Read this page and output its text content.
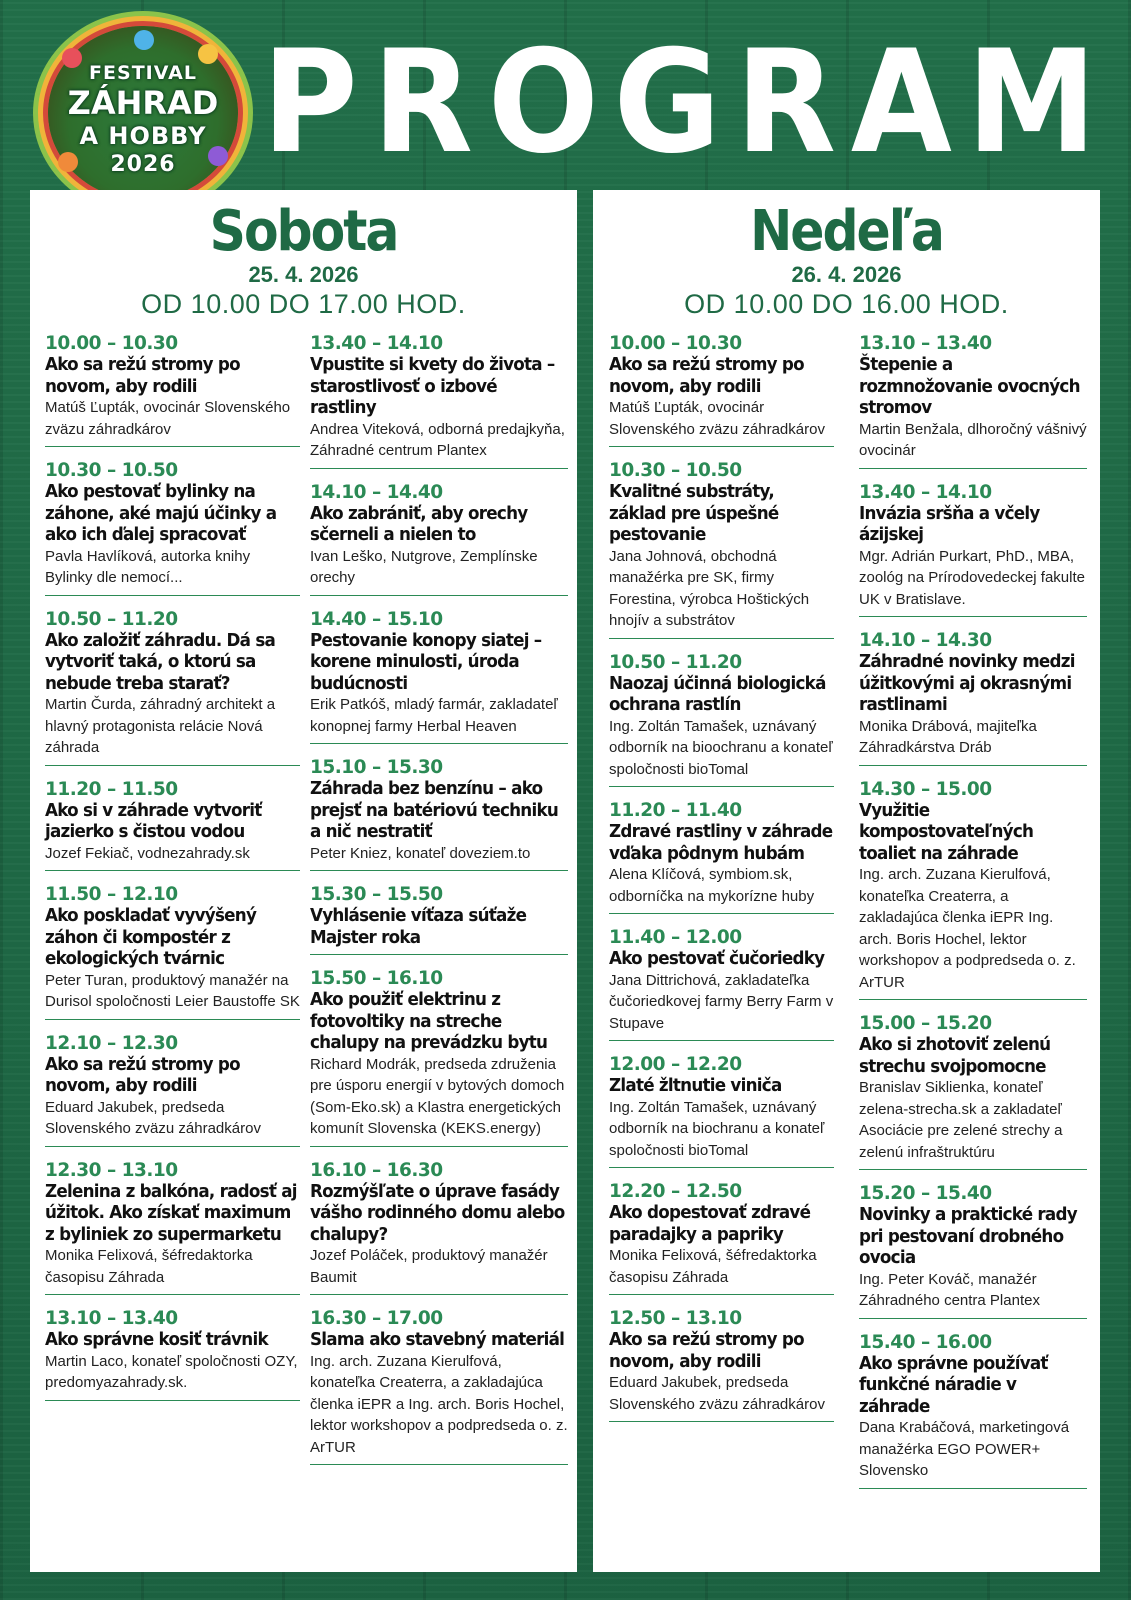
FESTIVAL
ZÁHRAD
A HOBBY
2026 PROGRAM
Sobota
25. 4. 2026
OD 10.00 DO 17.00 HOD.
10.00 – 10.30
Ako sa režú stromy po novom, aby rodili
Matúš Ľupták, ovocinár Slovenského zväzu záhradkárov
10.30 – 10.50
Ako pestovať bylinky na záhone, aké majú účinky a ako ich ďalej spracovať
Pavla Havlíková, autorka knihy Bylinky dle nemocí...
10.50 – 11.20
Ako založiť záhradu. Dá sa vytvoriť taká, o ktorú sa nebude treba starať?
Martin Čurda, záhradný architekt a hlavný protagonista relácie Nová záhrada
11.20 – 11.50
Ako si v záhrade vytvoriť jazierko s čistou vodou
Jozef Fekiač, vodnezahrady.sk
11.50 – 12.10
Ako poskladať vyvýšený záhon či kompostér z ekologických tvárnic
Peter Turan, produktový manažér na Durisol spoločnosti Leier Baustoffe SK
12.10 – 12.30
Ako sa režú stromy po novom, aby rodili
Eduard Jakubek, predseda Slovenského zväzu záhradkárov
12.30 – 13.10
Zelenina z balkóna, radosť aj úžitok. Ako získať maximum z byliniek zo supermarketu
Monika Felixová, šéfredaktorka časopisu Záhrada
13.10 – 13.40
Ako správne kosiť trávnik
Martin Laco, konateľ spoločnosti OZY, predomyazahrady.sk.
13.40 – 14.10
Vpustite si kvety do života – starostlivosť o izbové rastliny
Andrea Viteková, odborná predajkyňa, Záhradné centrum Plantex
14.10 – 14.40
Ako zabrániť, aby orechy sčerneli a nielen to
Ivan Leško, Nutgrove, Zemplínske orechy
14.40 – 15.10
Pestovanie konopy siatej – korene minulosti, úroda budúcnosti
Erik Patkóš, mladý farmár, zakladateľ konopnej farmy Herbal Heaven
15.10 – 15.30
Záhrada bez benzínu – ako prejsť na batériovú techniku a nič nestratiť
Peter Kniez, konateľ doveziem.to
15.30 – 15.50
Vyhlásenie víťaza súťaže Majster roka
15.50 – 16.10
Ako použiť elektrinu z fotovoltiky na streche chalupy na prevádzku bytu
Richard Modrák, predseda združenia pre úsporu energií v bytových domoch (Som-Eko.sk) a Klastra energetických komunít Slovenska (KEKS.energy)
16.10 – 16.30
Rozmýšľate o úprave fasády vášho rodinného domu alebo chalupy?
Jozef Poláček, produktový manažér Baumit
16.30 – 17.00
Slama ako stavebný materiál
Ing. arch. Zuzana Kierulfová, konateľka Createrra, a zakladajúca členka iEPR a Ing. arch. Boris Hochel, lektor workshopov a podpredseda o. z. ArTUR
Nedeľa
26. 4. 2026
OD 10.00 DO 16.00 HOD.
10.00 – 10.30
Ako sa režú stromy po novom, aby rodili
Matúš Ľupták, ovocinár Slovenského zväzu záhradkárov
10.30 – 10.50
Kvalitné substráty, základ pre úspešné pestovanie
Jana Johnová, obchodná manažérka pre SK, firmy Forestina, výrobca Hoštických hnojív a substrátov
10.50 – 11.20
Naozaj účinná biologická ochrana rastlín
Ing. Zoltán Tamašek, uznávaný odborník na bioochranu a konateľ spoločnosti bioTomal
11.20 – 11.40
Zdravé rastliny v záhrade vďaka pôdnym hubám
Alena Klíčová, symbiom.sk, odborníčka na mykorízne huby
11.40 – 12.00
Ako pestovať čučoriedky
Jana Dittrichová, zakladateľka čučoriedkovej farmy Berry Farm v Stupave
12.00 – 12.20
Zlaté žltnutie viniča
Ing. Zoltán Tamašek, uznávaný odborník na biochranu a konateľ spoločnosti bioTomal
12.20 – 12.50
Ako dopestovať zdravé paradajky a papriky
Monika Felixová, šéfredaktorka časopisu Záhrada
12.50 – 13.10
Ako sa režú stromy po novom, aby rodili
Eduard Jakubek, predseda Slovenského zväzu záhradkárov
13.10 – 13.40
Štepenie a rozmnožovanie ovocných stromov
Martin Benžala, dlhoročný vášnivý ovocinár
13.40 – 14.10
Invázia sršňa a včely ázijskej
Mgr. Adrián Purkart, PhD., MBA, zoológ na Prírodovedeckej fakulte UK v Bratislave.
14.10 – 14.30
Záhradné novinky medzi úžitkovými aj okrasnými rastlinami
Monika Drábová, majiteľka Záhradkárstva Dráb
14.30 – 15.00
Využitie kompostovateľných toaliet na záhrade
Ing. arch. Zuzana Kierulfová, konateľka Createrra, a zakladajúca členka iEPR Ing. arch. Boris Hochel, lektor workshopov a podpredseda o. z. ArTUR
15.00 – 15.20
Ako si zhotoviť zelenú strechu svojpomocne
Branislav Siklienka, konateľ zelena-strecha.sk a zakladateľ Asociácie pre zelené strechy a zelenú infraštruktúru
15.20 – 15.40
Novinky a praktické rady pri pestovaní drobného ovocia
Ing. Peter Kováč, manažér Záhradného centra Plantex
15.40 – 16.00
Ako správne používať funkčné náradie v záhrade
Dana Krabáčová, marketingová manažérka EGO POWER+ Slovensko
